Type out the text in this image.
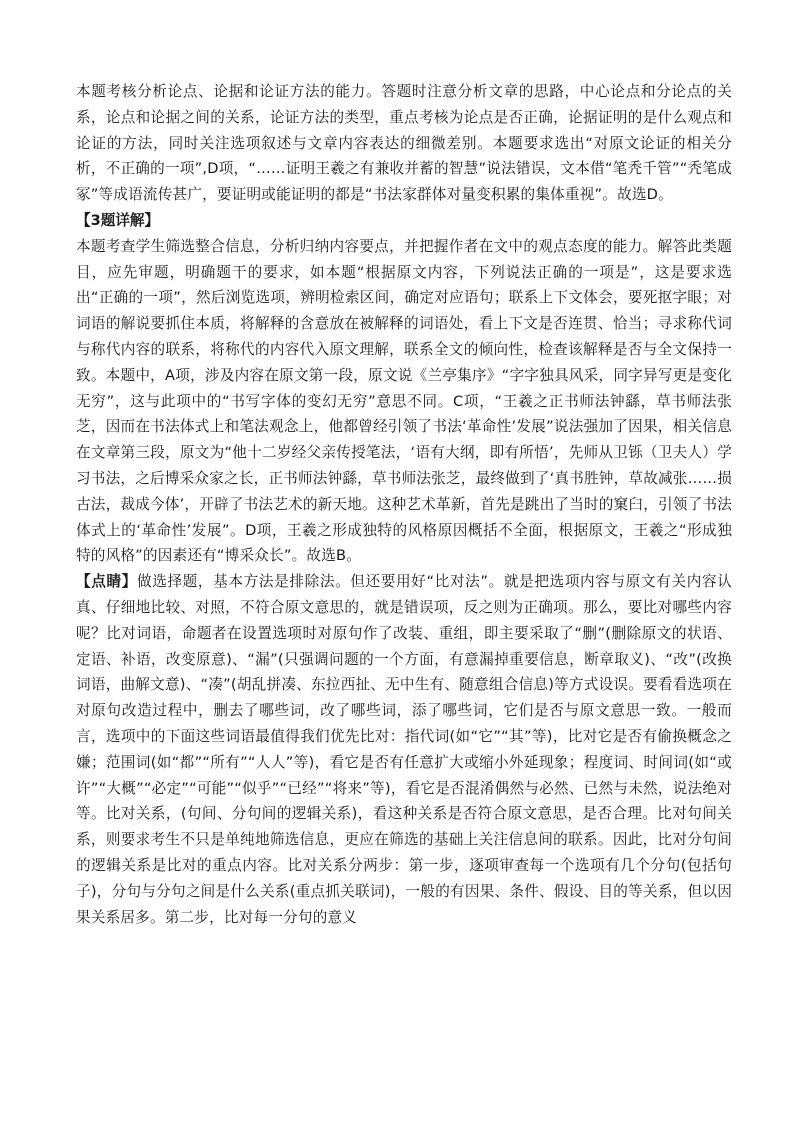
本题考核分析论点、论据和论证方法的能力。答题时注意分析文章的思路，中心论点和分论点的关系，论点和论据之间的关系，论证方法的类型，重点考核为论点是否正确，论据证明的是什么观点和论证的方法，同时关注选项叙述与文章内容表达的细微差别。本题要求选出“对原文论证的相关分析，不正确的一项”,D项，“……证明王羲之有兼收并蓄的智慧”说法错误，文本借“笔秃千管”“秃笔成冢”等成语流传甚广，要证明或能证明的都是“书法家群体对量变积累的集体重视”。故选D。

【3题详解】

本题考查学生筛选整合信息，分析归纳内容要点，并把握作者在文中的观点态度的能力。解答此类题目，应先审题，明确题干的要求，如本题“根据原文内容，下列说法正确的一项是”，这是要求选出“正确的一项”，然后浏览选项，辨明检索区间，确定对应语句；联系上下文体会，要死抠字眼；对词语的解说要抓住本质，将解释的含意放在被解释的词语处，看上下文是否连贯、恰当；寻求称代词与称代内容的联系，将称代的内容代入原文理解，联系全文的倾向性，检查该解释是否与全文保持一致。本题中，A项，涉及内容在原文第一段，原文说《兰亭集序》“字字独具风采，同字异写更是变化无穷”，这与此项中的“书写字体的变幻无穷”意思不同。C项，“王羲之正书师法钟繇，草书师法张芝，因而在书法体式上和笔法观念上，他都曾经引领了书法‘革命性’发展”说法强加了因果，相关信息在文章第三段，原文为“他十二岁经父亲传授笔法，‘语有大纲，即有所悟’，先师从卫铄（卫夫人）学习书法，之后博采众家之长，正书师法钟繇，草书师法张芝，最终做到了‘真书胜钟，草故减张……损古法，裁成今体’，开辟了书法艺术的新天地。这种艺术革新，首先是跳出了当时的窠臼，引领了书法体式上的‘革命性’发展”。D项，王羲之形成独特的风格原因概括不全面，根据原文，王羲之“形成独特的风格”的因素还有“博采众长”。故选B。

【点睛】做选择题，基本方法是排除法。但还要用好“比对法”。就是把选项内容与原文有关内容认真、仔细地比较、对照，不符合原文意思的，就是错误项，反之则为正确项。那么，要比对哪些内容呢？比对词语，命题者在设置选项时对原句作了改装、重组，即主要采取了“删”(删除原文的状语、定语、补语，改变原意)、“漏”(只强调问题的一个方面，有意漏掉重要信息，断章取义)、“改”(改换词语，曲解文意)、“凑”(胡乱拼凑、东拉西扯、无中生有、随意组合信息)等方式设误。要看看选项在对原句改造过程中，删去了哪些词，改了哪些词，添了哪些词，它们是否与原文意思一致。一般而言，选项中的下面这些词语最值得我们优先比对：指代词(如“它”“其”等)，比对它是否有偷换概念之嫌；范围词(如“都”“所有”“人人”等)，看它是否有任意扩大或缩小外延现象；程度词、时间词(如“或许”“大概”“必定”“可能”“似乎”“已经”“将来”等)，看它是否混淆偶然与必然、已然与未然，说法绝对等。比对关系，(句间、分句间的逻辑关系)，看这种关系是否符合原文意思，是否合理。比对句间关系，则要求考生不只是单纯地筛选信息，更应在筛选的基础上关注信息间的联系。因此，比对分句间的逻辑关系是比对的重点内容。比对关系分两步：第一步，逐项审查每一个选项有几个分句(包括句子)，分句与分句之间是什么关系(重点抓关联词)，一般的有因果、条件、假设、目的等关系，但以因果关系居多。第二步，比对每一分句的意义
